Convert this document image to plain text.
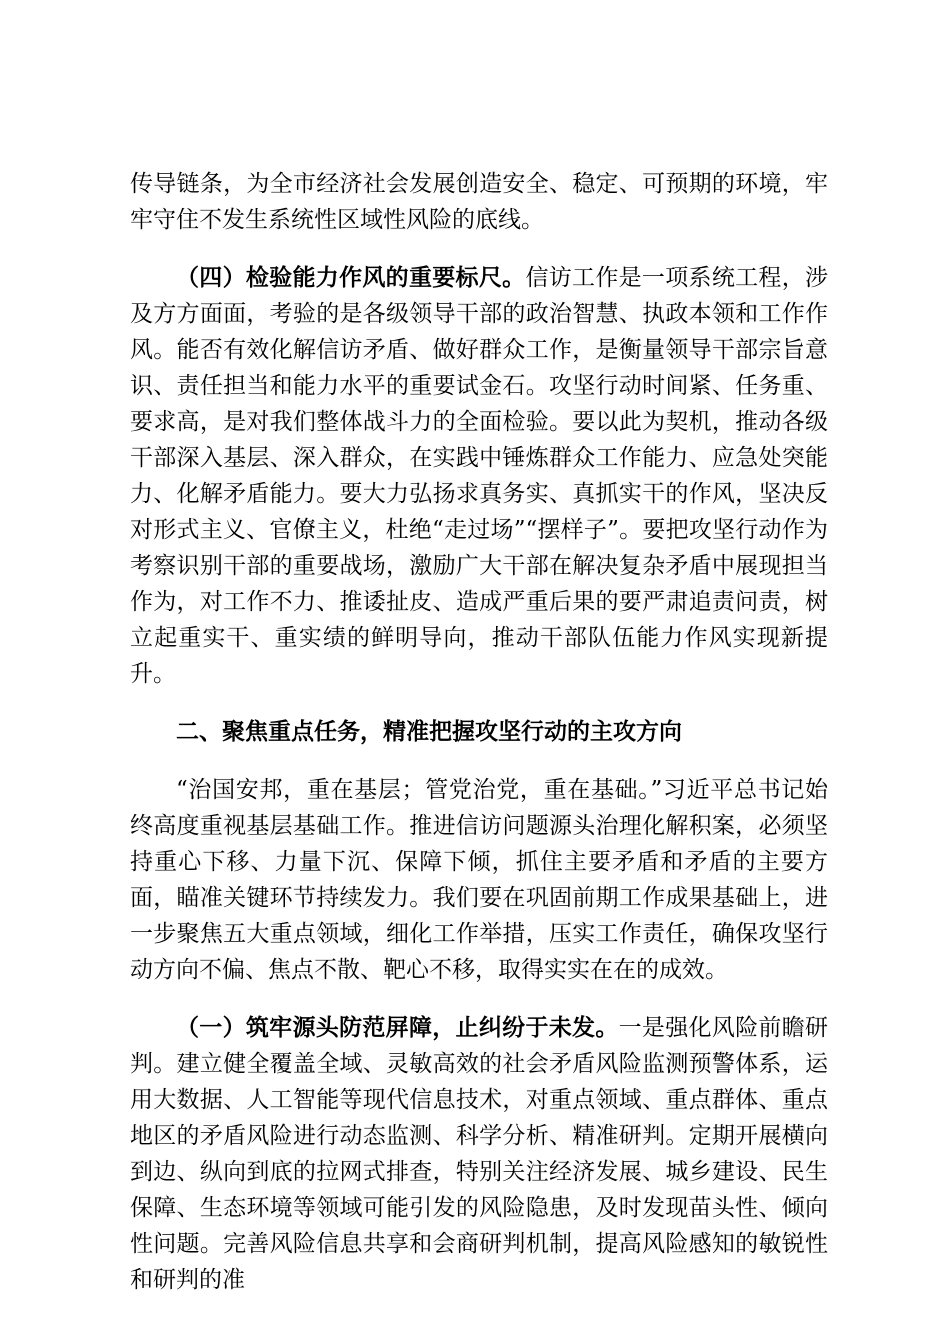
传导链条，为全市经济社会发展创造安全、稳定、可预期的环境，牢牢守住不发生系统性区域性风险的底线。

（四）检验能力作风的重要标尺。信访工作是一项系统工程，涉及方方面面，考验的是各级领导干部的政治智慧、执政本领和工作作风。能否有效化解信访矛盾、做好群众工作，是衡量领导干部宗旨意识、责任担当和能力水平的重要试金石。攻坚行动时间紧、任务重、要求高，是对我们整体战斗力的全面检验。要以此为契机，推动各级干部深入基层、深入群众，在实践中锤炼群众工作能力、应急处突能力、化解矛盾能力。要大力弘扬求真务实、真抓实干的作风，坚决反对形式主义、官僚主义，杜绝“走过场”“摆样子”。要把攻坚行动作为考察识别干部的重要战场，激励广大干部在解决复杂矛盾中展现担当作为，对工作不力、推诿扯皮、造成严重后果的要严肃追责问责，树立起重实干、重实绩的鲜明导向，推动干部队伍能力作风实现新提升。

二、聚焦重点任务，精准把握攻坚行动的主攻方向

“治国安邦，重在基层；管党治党，重在基础。”习近平总书记始终高度重视基层基础工作。推进信访问题源头治理化解积案，必须坚持重心下移、力量下沉、保障下倾，抓住主要矛盾和矛盾的主要方面，瞄准关键环节持续发力。我们要在巩固前期工作成果基础上，进一步聚焦五大重点领域，细化工作举措，压实工作责任，确保攻坚行动方向不偏、焦点不散、靶心不移，取得实实在在的成效。

（一）筑牢源头防范屏障，止纠纷于未发。一是强化风险前瞻研判。建立健全覆盖全域、灵敏高效的社会矛盾风险监测预警体系，运用大数据、人工智能等现代信息技术，对重点领域、重点群体、重点地区的矛盾风险进行动态监测、科学分析、精准研判。定期开展横向到边、纵向到底的拉网式排查，特别关注经济发展、城乡建设、民生保障、生态环境等领域可能引发的风险隐患，及时发现苗头性、倾向性问题。完善风险信息共享和会商研判机制，提高风险感知的敏锐性和研判的准
